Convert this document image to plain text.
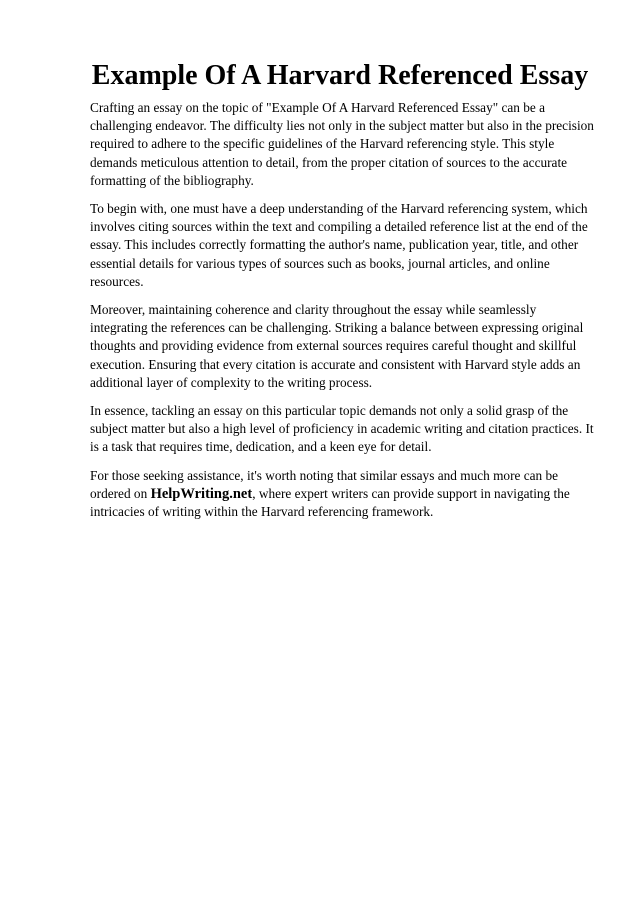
Example Of A Harvard Referenced Essay

Crafting an essay on the topic of "Example Of A Harvard Referenced Essay" can be a challenging endeavor. The difficulty lies not only in the subject matter but also in the precision required to adhere to the specific guidelines of the Harvard referencing style. This style demands meticulous attention to detail, from the proper citation of sources to the accurate formatting of the bibliography.

To begin with, one must have a deep understanding of the Harvard referencing system, which involves citing sources within the text and compiling a detailed reference list at the end of the essay. This includes correctly formatting the author's name, publication year, title, and other essential details for various types of sources such as books, journal articles, and online resources.

Moreover, maintaining coherence and clarity throughout the essay while seamlessly integrating the references can be challenging. Striking a balance between expressing original thoughts and providing evidence from external sources requires careful thought and skillful execution. Ensuring that every citation is accurate and consistent with Harvard style adds an additional layer of complexity to the writing process.

In essence, tackling an essay on this particular topic demands not only a solid grasp of the subject matter but also a high level of proficiency in academic writing and citation practices. It is a task that requires time, dedication, and a keen eye for detail.

For those seeking assistance, it's worth noting that similar essays and much more can be ordered on HelpWriting.net, where expert writers can provide support in navigating the intricacies of writing within the Harvard referencing framework.
